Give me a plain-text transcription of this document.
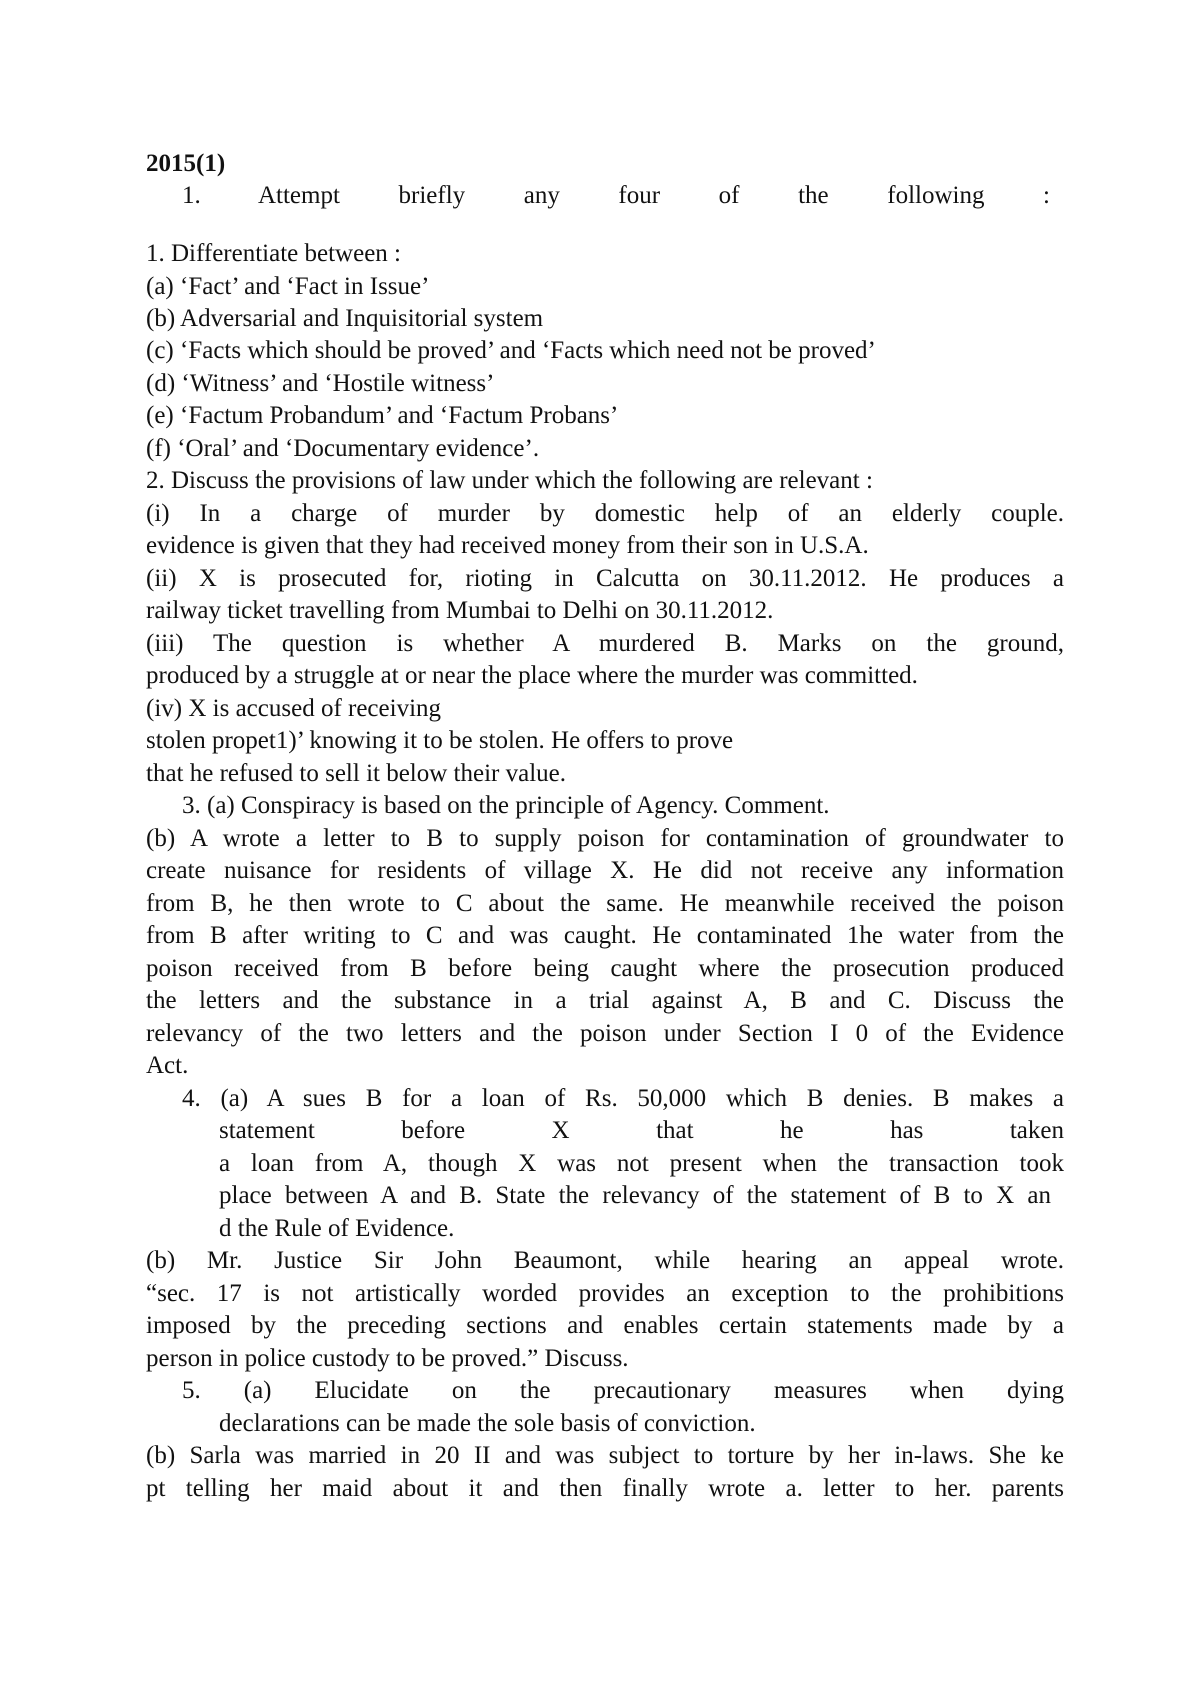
2015(1)
1. Attempt briefly any four of the following :
1. Differentiate between :
(a) ‘Fact’ and ‘Fact in Issue’
(b) Adversarial and Inquisitorial system
(c) ‘Facts which should be proved’ and ‘Facts which need not be proved’
(d) ‘Witness’ and ‘Hostile witness’
(e) ‘Factum Probandum’ and ‘Factum Probans’
(f) ‘Oral’ and ‘Documentary evidence’.
2. Discuss the provisions of law under which the following are relevant :
(i) In a charge of murder by domestic help of an elderly couple.
evidence is given that they had received money from their son in U.S.A.
(ii) X is prosecuted for, rioting in Calcutta on 30.11.2012. He produces a
railway ticket travelling from Mumbai to Delhi on 30.11.2012.
(iii) The question is whether A murdered B. Marks on the ground,
produced by a struggle at or near the place where the murder was committed.
(iv) X is accused of receiving
stolen propet1)’ knowing it to be stolen. He offers to prove
that he refused to sell it below their value.
3. (a) Conspiracy is based on the principle of Agency. Comment.
(b) A wrote a letter to B to supply poison for contamination of groundwater to
create nuisance for residents of village X. He did not receive any information
from B, he then wrote to C about the same. He meanwhile received the poison
from B after writing to C and was caught. He contaminated 1he water from the
poison received from B before being caught where the prosecution produced
the letters and the substance in a trial against A, B and C. Discuss the
relevancy of the two letters and the poison under Section I 0 of the Evidence
Act.
4. (a) A sues B for a loan of Rs. 50,000 which B denies. B makes a
statement before X that he has taken
a loan from A, though X was not present when the transaction took
place between A and B. State the relevancy of the statement of B to X an
d the Rule of Evidence.
(b) Mr. Justice Sir John Beaumont, while hearing an appeal wrote.
“sec. 17 is not artistically worded provides an exception to the prohibitions
imposed by the preceding sections and enables certain statements made by a
person in police custody to be proved.” Discuss.
5. (a) Elucidate on the precautionary measures when dying
declarations can be made the sole basis of conviction.
(b) Sarla was married in 20 II and was subject to torture by her in-laws. She ke
pt telling her maid about it and then finally wrote a. letter to her. parents
